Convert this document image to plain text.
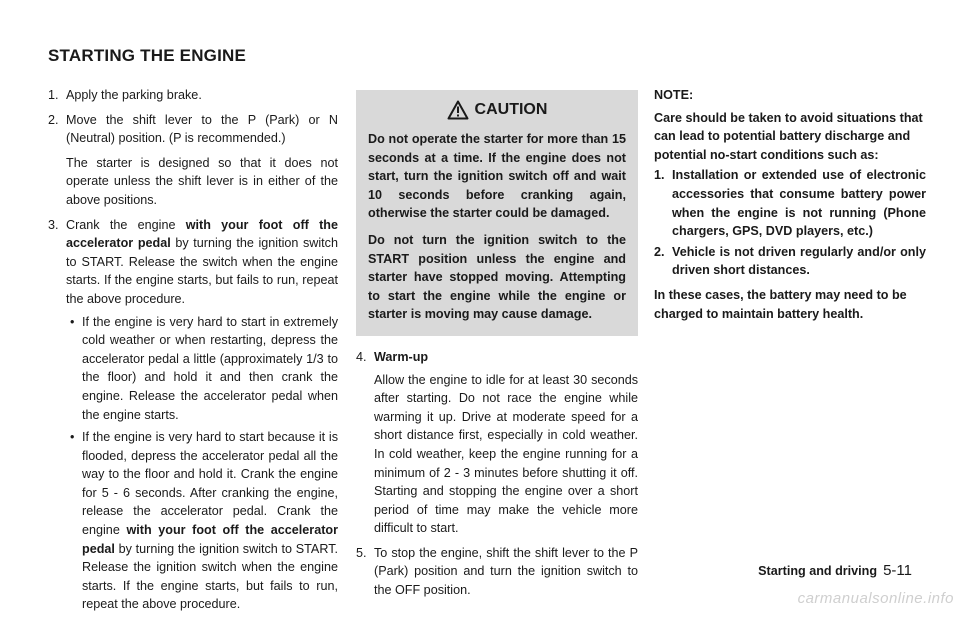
STARTING THE ENGINE
1. Apply the parking brake.
2. Move the shift lever to the P (Park) or N (Neutral) position. (P is recommended.)

The starter is designed so that it does not operate unless the shift lever is in either of the above positions.

3. Crank the engine with your foot off the accelerator pedal by turning the ignition switch to START. Release the switch when the engine starts. If the engine starts, but fails to run, repeat the above procedure.

• If the engine is very hard to start in extremely cold weather or when restarting, depress the accelerator pedal a little (approximately 1/3 to the floor) and hold it and then crank the engine. Release the accelerator pedal when the engine starts.
• If the engine is very hard to start because it is flooded, depress the accelerator pedal all the way to the floor and hold it. Crank the engine for 5 - 6 seconds. After cranking the engine, release the accelerator pedal. Crank the engine with your foot off the accelerator pedal by turning the ignition switch to START. Release the ignition switch when the engine starts. If the engine starts, but fails to run, repeat the above procedure.
CAUTION

Do not operate the starter for more than 15 seconds at a time. If the engine does not start, turn the ignition switch off and wait 10 seconds before cranking again, otherwise the starter could be damaged.

Do not turn the ignition switch to the START position unless the engine and starter have stopped moving. Attempting to start the engine while the engine or starter is moving may cause damage.

4. Warm-up

Allow the engine to idle for at least 30 seconds after starting. Do not race the engine while warming it up. Drive at moderate speed for a short distance first, especially in cold weather. In cold weather, keep the engine running for a minimum of 2 - 3 minutes before shutting it off. Starting and stopping the engine over a short period of time may make the vehicle more difficult to start.

5. To stop the engine, shift the shift lever to the P (Park) position and turn the ignition switch to the OFF position.

NOTE:

Care should be taken to avoid situations that can lead to potential battery discharge and potential no-start conditions such as:

1. Installation or extended use of electronic accessories that consume battery power when the engine is not running (Phone chargers, GPS, DVD players, etc.)
2. Vehicle is not driven regularly and/or only driven short distances.

In these cases, the battery may need to be charged to maintain battery health.

Starting and driving 5-11
carmanualsonline.info
